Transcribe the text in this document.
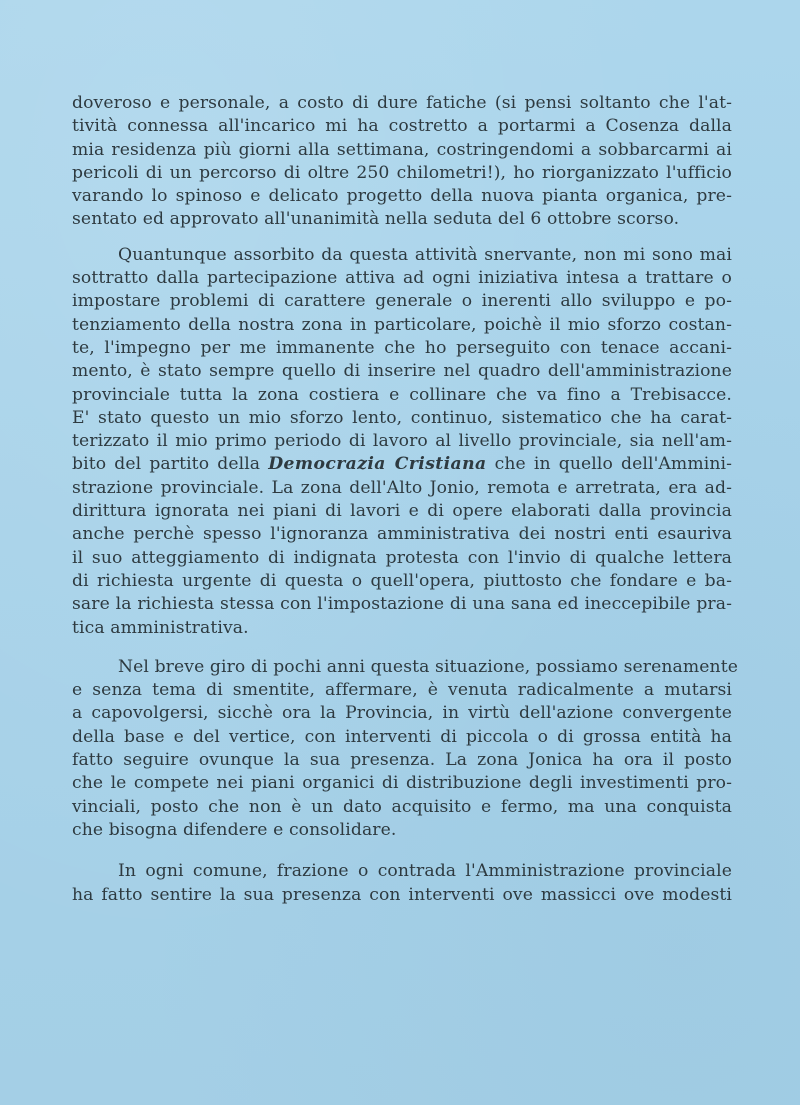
doveroso e personale, a costo di dure fatiche (si pensi soltanto che l'at-
tività connessa all'incarico mi ha costretto a portarmi a Cosenza dalla
mia residenza più giorni alla settimana, costringendomi a sobbarcarmi ai
pericoli di un percorso di oltre 250 chilometri!), ho riorganizzato l'ufficio
varando lo spinoso e delicato progetto della nuova pianta organica, pre-
sentato ed approvato all'unanimità nella seduta del 6 ottobre scorso.

Quantunque assorbito da questa attività snervante, non mi sono mai
sottratto dalla partecipazione attiva ad ogni iniziativa intesa a trattare o
impostare problemi di carattere generale o inerenti allo sviluppo e po-
tenziamento della nostra zona in particolare, poichè il mio sforzo costan-
te, l'impegno per me immanente che ho perseguito con tenace accani-
mento, è stato sempre quello di inserire nel quadro dell'amministrazione
provinciale tutta la zona costiera e collinare che va fino a Trebisacce.
E' stato questo un mio sforzo lento, continuo, sistematico che ha carat-
terizzato il mio primo periodo di lavoro al livello provinciale, sia nell'am-
bito del partito della Democrazia Cristiana che in quello dell'Ammini-
strazione provinciale. La zona dell'Alto Jonio, remota e arretrata, era ad-
dirittura ignorata nei piani di lavori e di opere elaborati dalla provincia
anche perchè spesso l'ignoranza amministrativa dei nostri enti esauriva
il suo atteggiamento di indignata protesta con l'invio di qualche lettera
di richiesta urgente di questa o quell'opera, piuttosto che fondare e ba-
sare la richiesta stessa con l'impostazione di una sana ed ineccepibile pra-
tica amministrativa.

Nel breve giro di pochi anni questa situazione, possiamo serenamente
e senza tema di smentite, affermare, è venuta radicalmente a mutarsi
a capovolgersi, sicchè ora la Provincia, in virtù dell'azione convergente
della base e del vertice, con interventi di piccola o di grossa entità ha
fatto seguire ovunque la sua presenza. La zona Jonica ha ora il posto
che le compete nei piani organici di distribuzione degli investimenti pro-
vinciali, posto che non è un dato acquisito e fermo, ma una conquista
che bisogna difendere e consolidare.

In ogni comune, frazione o contrada l'Amministrazione provinciale
ha fatto sentire la sua presenza con interventi ove massicci ove modesti
